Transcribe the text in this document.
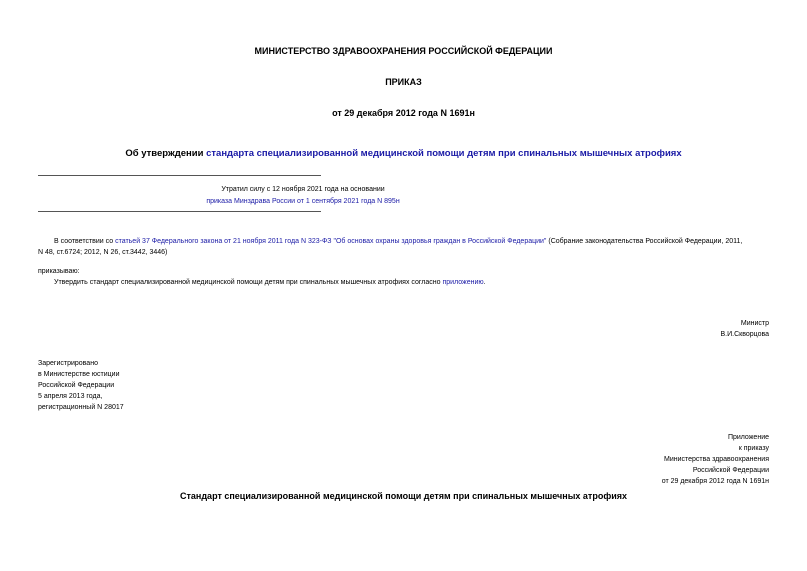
МИНИСТЕРСТВО ЗДРАВООХРАНЕНИЯ РОССИЙСКОЙ ФЕДЕРАЦИИ
ПРИКАЗ
от 29 декабря 2012 года N 1691н
Об утверждении стандарта специализированной медицинской помощи детям при спинальных мышечных атрофиях
Утратил силу с 12 ноября 2021 года на основании
приказа Минздрава России от 1 сентября 2021 года N 895н
В соответствии со статьей 37 Федерального закона от 21 ноября 2011 года N 323-ФЗ "Об основах охраны здоровья граждан в Российской Федерации" (Собрание законодательства Российской Федерации, 2011,
N 48, ст.6724; 2012, N 26, ст.3442, 3446)
приказываю:
Утвердить стандарт специализированной медицинской помощи детям при спинальных мышечных атрофиях согласно приложению.
Министр
В.И.Скворцова
Зарегистрировано
в Министерстве юстиции
Российской Федерации
5 апреля 2013 года,
регистрационный N 28017
Приложение
к приказу
Министерства здравоохранения
Российской Федерации
от 29 декабря 2012 года N 1691н
Стандарт специализированной медицинской помощи детям при спинальных мышечных атрофиях
